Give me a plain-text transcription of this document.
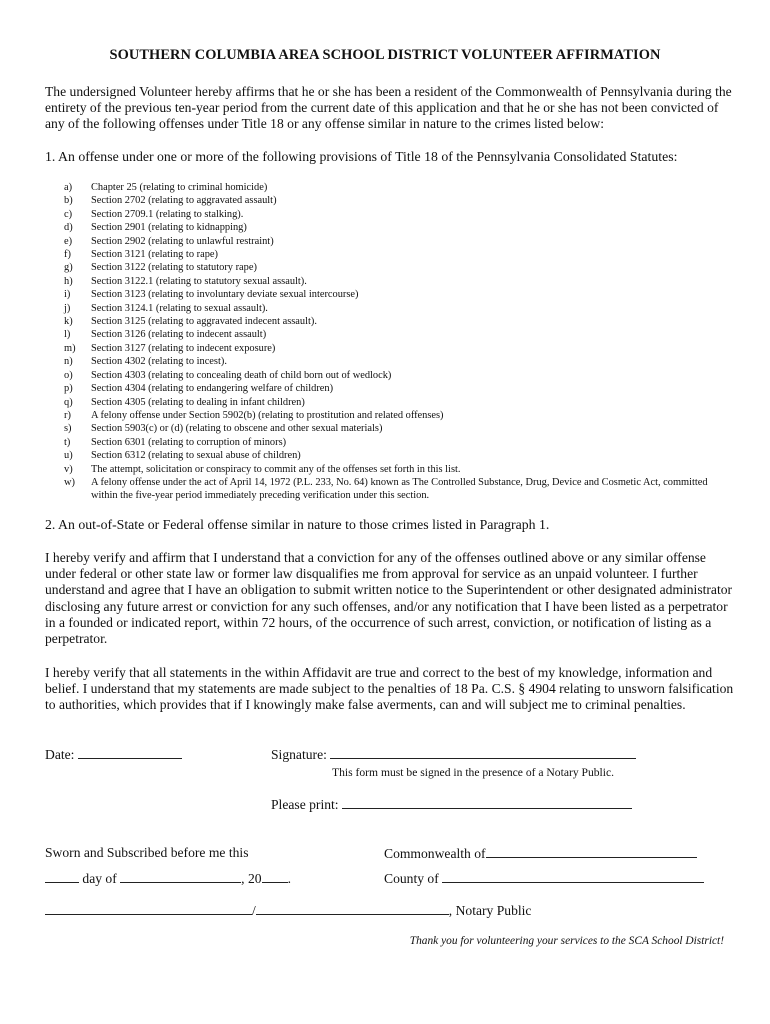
SOUTHERN COLUMBIA AREA SCHOOL DISTRICT VOLUNTEER AFFIRMATION
The undersigned Volunteer hereby affirms that he or she has been a resident of the Commonwealth of Pennsylvania during the entirety of the previous ten-year period from the current date of this application and that he or she has not been convicted of any of the following offenses under Title 18 or any offense similar in nature to the crimes listed below:
1. An offense under one or more of the following provisions of Title 18 of the Pennsylvania Consolidated Statutes:
a) Chapter 25 (relating to criminal homicide)
b) Section 2702 (relating to aggravated assault)
c) Section 2709.1 (relating to stalking).
d) Section 2901 (relating to kidnapping)
e) Section 2902 (relating to unlawful restraint)
f) Section 3121 (relating to rape)
g) Section 3122 (relating to statutory rape)
h) Section 3122.1 (relating to statutory sexual assault).
i) Section 3123 (relating to involuntary deviate sexual intercourse)
j) Section 3124.1 (relating to sexual assault).
k) Section 3125 (relating to aggravated indecent assault).
l) Section 3126 (relating to indecent assault)
m) Section 3127 (relating to indecent exposure)
n) Section 4302 (relating to incest).
o) Section 4303 (relating to concealing death of child born out of wedlock)
p) Section 4304 (relating to endangering welfare of children)
q) Section 4305 (relating to dealing in infant children)
r) A felony offense under Section 5902(b) (relating to prostitution and related offenses)
s) Section 5903(c) or (d) (relating to obscene and other sexual materials)
t) Section 6301 (relating to corruption of minors)
u) Section 6312 (relating to sexual abuse of children)
v) The attempt, solicitation or conspiracy to commit any of the offenses set forth in this list.
w) A felony offense under the act of April 14, 1972 (P.L. 233, No. 64) known as The Controlled Substance, Drug, Device and Cosmetic Act, committed within the five-year period immediately preceding verification under this section.
2. An out-of-State or Federal offense similar in nature to those crimes listed in Paragraph 1.
I hereby verify and affirm that I understand that a conviction for any of the offenses outlined above or any similar offense under federal or other state law or former law disqualifies me from approval for service as an unpaid volunteer. I further understand and agree that I have an obligation to submit written notice to the Superintendent or other designated administrator disclosing any future arrest or conviction for any such offenses, and/or any notification that I have been listed as a perpetrator in a founded or indicated report, within 72 hours, of the occurrence of such arrest, conviction, or notification of listing as a perpetrator.
I hereby verify that all statements in the within Affidavit are true and correct to the best of my knowledge, information and belief. I understand that my statements are made subject to the penalties of 18 Pa. C.S. § 4904 relating to unsworn falsification to authorities, which provides that if I knowingly make false averments, can and will subject me to criminal penalties.
Date:	Signature:
This form must be signed in the presence of a Notary Public.
Please print:
Sworn and Subscribed before me this	Commonwealth of
day of	, 20 .	County of
/	, Notary Public
Thank you for volunteering your services to the SCA School District!
